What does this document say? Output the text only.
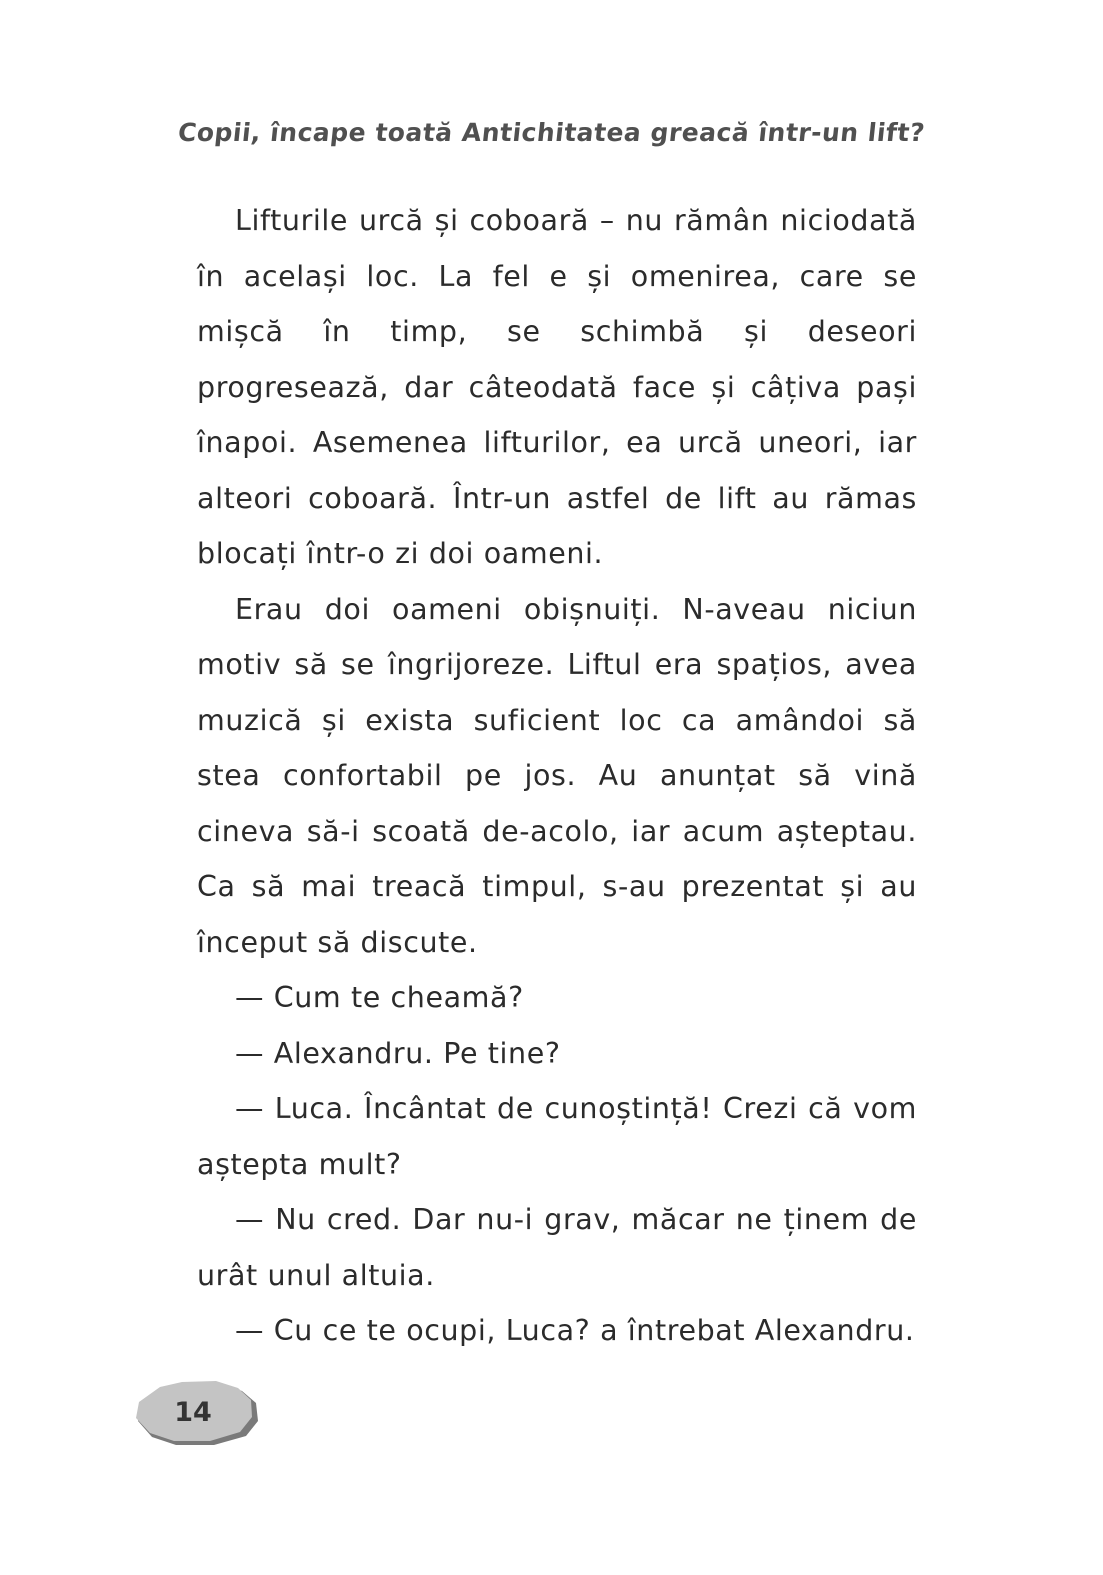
Copii, încape toată Antichitatea greacă într-un lift?

Lifturile urcă și coboară – nu rămân niciodată în același loc. La fel e și omenirea, care se mișcă în timp, se schimbă și deseori progresează, dar câteodată face și câțiva pași înapoi. Asemenea lifturilor, ea urcă uneori, iar alteori coboară. Într-un astfel de lift au rămas blocați într-o zi doi oameni.

Erau doi oameni obișnuiți. N-aveau niciun motiv să se îngrijoreze. Liftul era spațios, avea muzică și exista suficient loc ca amândoi să stea confortabil pe jos. Au anunțat să vină cineva să-i scoată de-acolo, iar acum așteptau. Ca să mai treacă timpul, s-au prezentat și au început să discute.

— Cum te cheamă?

— Alexandru. Pe tine?

— Luca. Încântat de cunoștință! Crezi că vom aștepta mult?

— Nu cred. Dar nu-i grav, măcar ne ținem de urât unul altuia.

— Cu ce te ocupi, Luca? a întrebat Alexandru.

14
